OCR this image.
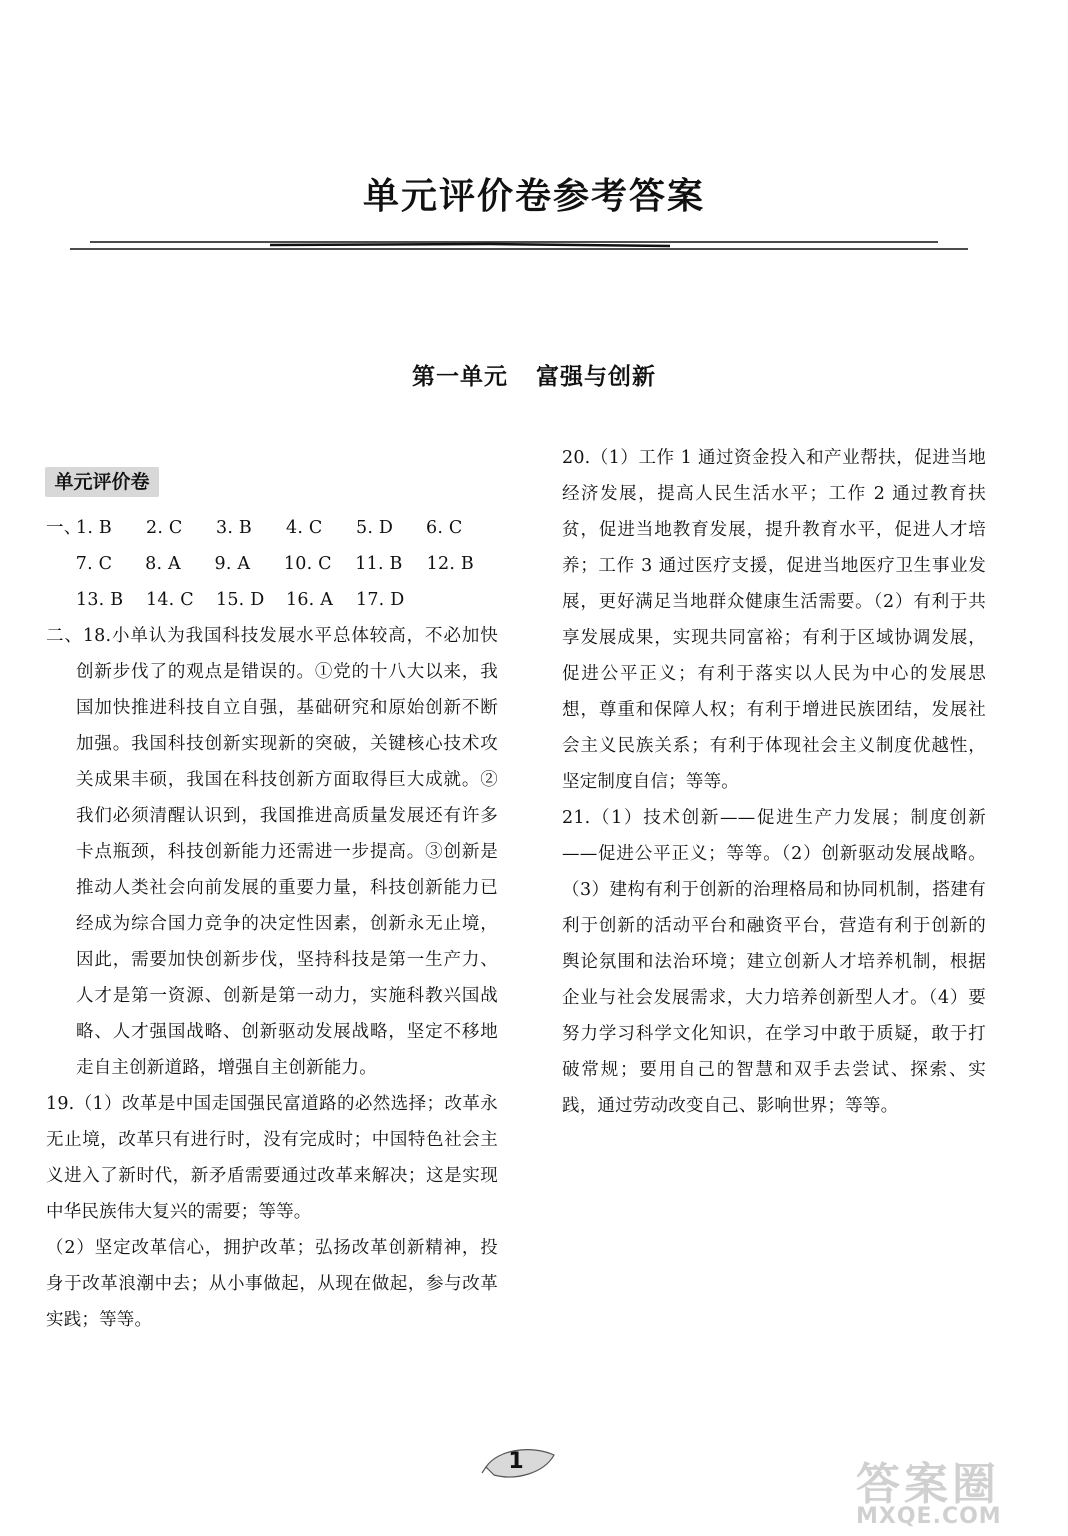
单元评价卷参考答案
第一单元 富强与创新
单元评价卷
一、
1. B	2. C	3. B	4. C	5. D	6. C
7. C	8. A	9. A	10. C	11. B	12. B
13. B	14. C	15. D	16. A	17. D

二、18.小单认为我国科技发展水平总体较高，不必加快创新步伐了的观点是错误的。①党的十八大以来，我国加快推进科技自立自强，基础研究和原始创新不断加强。我国科技创新实现新的突破，关键核心技术攻关成果丰硕，我国在科技创新方面取得巨大成就。②我们必须清醒认识到，我国推进高质量发展还有许多卡点瓶颈，科技创新能力还需进一步提高。③创新是推动人类社会向前发展的重要力量，科技创新能力已经成为综合国力竞争的决定性因素，创新永无止境，因此，需要加快创新步伐，坚持科技是第一生产力、人才是第一资源、创新是第一动力，实施科教兴国战略、人才强国战略、创新驱动发展战略，坚定不移地走自主创新道路，增强自主创新能力。

19.（1）改革是中国走国强民富道路的必然选择；改革永无止境，改革只有进行时，没有完成时；中国特色社会主义进入了新时代，新矛盾需要通过改革来解决；这是实现中华民族伟大复兴的需要；等等。

（2）坚定改革信心，拥护改革；弘扬改革创新精神，投身于改革浪潮中去；从小事做起，从现在做起，参与改革实践；等等。

20.（1）工作 1 通过资金投入和产业帮扶，促进当地经济发展，提高人民生活水平；工作 2 通过教育扶贫，促进当地教育发展，提升教育水平，促进人才培养；工作 3 通过医疗支援，促进当地医疗卫生事业发展，更好满足当地群众健康生活需要。（2）有利于共享发展成果，实现共同富裕；有利于区域协调发展，促进公平正义；有利于落实以人民为中心的发展思想，尊重和保障人权；有利于增进民族团结，发展社会主义民族关系；有利于体现社会主义制度优越性，坚定制度自信；等等。

21.（1）技术创新——促进生产力发展；制度创新——促进公平正义；等等。（2）创新驱动发展战略。（3）建构有利于创新的治理格局和协同机制，搭建有利于创新的活动平台和融资平台，营造有利于创新的舆论氛围和法治环境；建立创新人才培养机制，根据企业与社会发展需求，大力培养创新型人才。（4）要努力学习科学文化知识，在学习中敢于质疑，敢于打破常规；要用自己的智慧和双手去尝试、探索、实践，通过劳动改变自己、影响世界；等等。

1	答案圈
MXQE.COM
